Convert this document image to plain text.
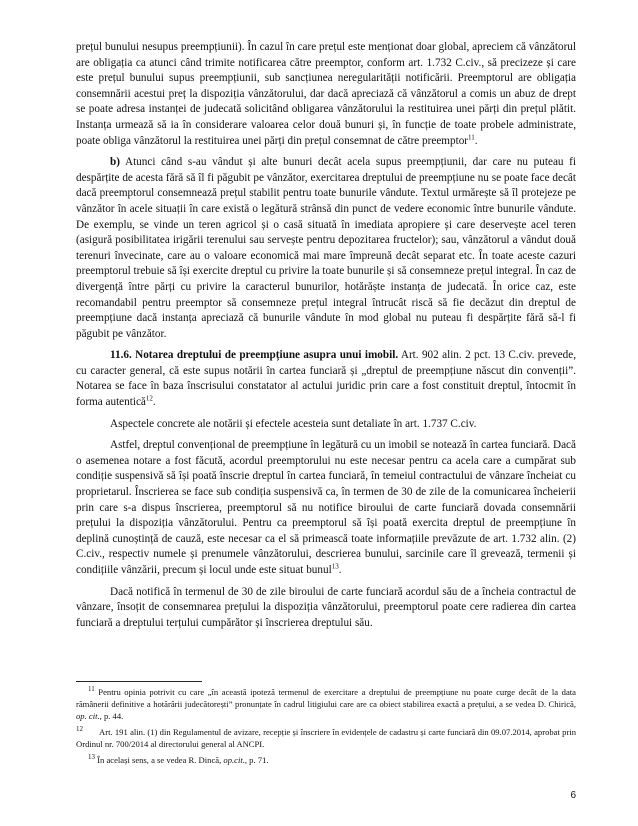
prețul bunului nesupus preempțiunii). În cazul în care prețul este menționat doar global, apreciem că vânzătorul are obligația ca atunci când trimite notificarea către preemptor, conform art. 1.732 C.civ., să precizeze și care este prețul bunului supus preempțiunii, sub sancțiunea neregularității notificării. Preemptorul are obligația consemnării acestui preț la dispoziția vânzătorului, dar dacă apreciază că vânzătorul a comis un abuz de drept se poate adresa instanței de judecată solicitând obligarea vânzătorului la restituirea unei părți din prețul plătit. Instanța urmează să ia în considerare valoarea celor două bunuri și, în funcție de toate probele administrate, poate obliga vânzătorul la restituirea unei părți din prețul consemnat de către preemptor$^{11}$.

b) Atunci când s-au vândut și alte bunuri decât acela supus preempțiunii, dar care nu puteau fi despărțite de acesta fără să îl fi păgubit pe vânzător, exercitarea dreptului de preempțiune nu se poate face decât dacă preemptorul consemnează prețul stabilit pentru toate bunurile vândute. Textul urmărește să îl protejeze pe vânzător în acele situații în care există o legătură strânsă din punct de vedere economic între bunurile vândute. De exemplu, se vinde un teren agricol și o casă situată în imediata apropiere și care deservește acel teren (asigură posibilitatea irigării terenului sau servește pentru depozitarea fructelor); sau, vânzătorul a vândut două terenuri învecinate, care au o valoare economică mai mare împreună decât separat etc. În toate aceste cazuri preemptorul trebuie să își exercite dreptul cu privire la toate bunurile și să consemneze prețul integral. În caz de divergență între părți cu privire la caracterul bunurilor, hotărăște instanța de judecată. În orice caz, este recomandabil pentru preemptor să consemneze prețul integral întrucât riscă să fie decăzut din dreptul de preempțiune dacă instanța apreciază că bunurile vândute în mod global nu puteau fi despărțite fără să-l fi păgubit pe vânzător.

11.6. Notarea dreptului de preempțiune asupra unui imobil. Art. 902 alin. 2 pct. 13 C.civ. prevede, cu caracter general, că este supus notării în cartea funciară și „dreptul de preempțiune născut din convenții”. Notarea se face în baza înscrisului constatator al actului juridic prin care a fost constituit dreptul, întocmit în forma autentică$^{12}$.

Aspectele concrete ale notării și efectele acesteia sunt detaliate în art. 1.737 C.civ.

Astfel, dreptul convențional de preempțiune în legătură cu un imobil se notează în cartea funciară. Dacă o asemenea notare a fost făcută, acordul preemptorului nu este necesar pentru ca acela care a cumpărat sub condiție suspensivă să își poată înscrie dreptul în cartea funciară, în temeiul contractului de vânzare încheiat cu proprietarul. Înscrierea se face sub condiția suspensivă ca, în termen de 30 de zile de la comunicarea încheierii prin care s-a dispus înscrierea, preemptorul să nu notifice biroului de carte funciară dovada consemnării prețului la dispoziția vânzătorului. Pentru ca preemptorul să își poată exercita dreptul de preempțiune în deplină cunoștință de cauză, este necesar ca el să primească toate informațiile prevăzute de art. 1.732 alin. (2) C.civ., respectiv numele și prenumele vânzătorului, descrierea bunului, sarcinile care îl grevează, termenii și condițiile vânzării, precum și locul unde este situat bunul$^{13}$.

Dacă notifică în termenul de 30 de zile biroului de carte funciară acordul său de a încheia contractul de vânzare, însoțit de consemnarea prețului la dispoziția vânzătorului, preemptorul poate cere radierea din cartea funciară a dreptului terțului cumpărător și înscrierea dreptului său.

$^{11}$ Pentru opinia potrivit cu care „în această ipoteză termenul de exercitare a dreptului de preempțiune nu poate curge decât de la data rămânerii definitive a hotărârii judecătorești” pronunțate în cadrul litigiului care are ca obiect stabilirea exactă a prețului, a se vedea D. Chirică, op. cit., p. 44.
$^{12}$ Art. 191 alin. (1) din Regulamentul de avizare, recepție și înscriere în evidențele de cadastru și carte funciară din 09.07.2014, aprobat prin Ordinul nr. 700/2014 al directorului general al ANCPI.
$^{13}$ În același sens, a se vedea R. Dincă, op.cit., p. 71.
6
